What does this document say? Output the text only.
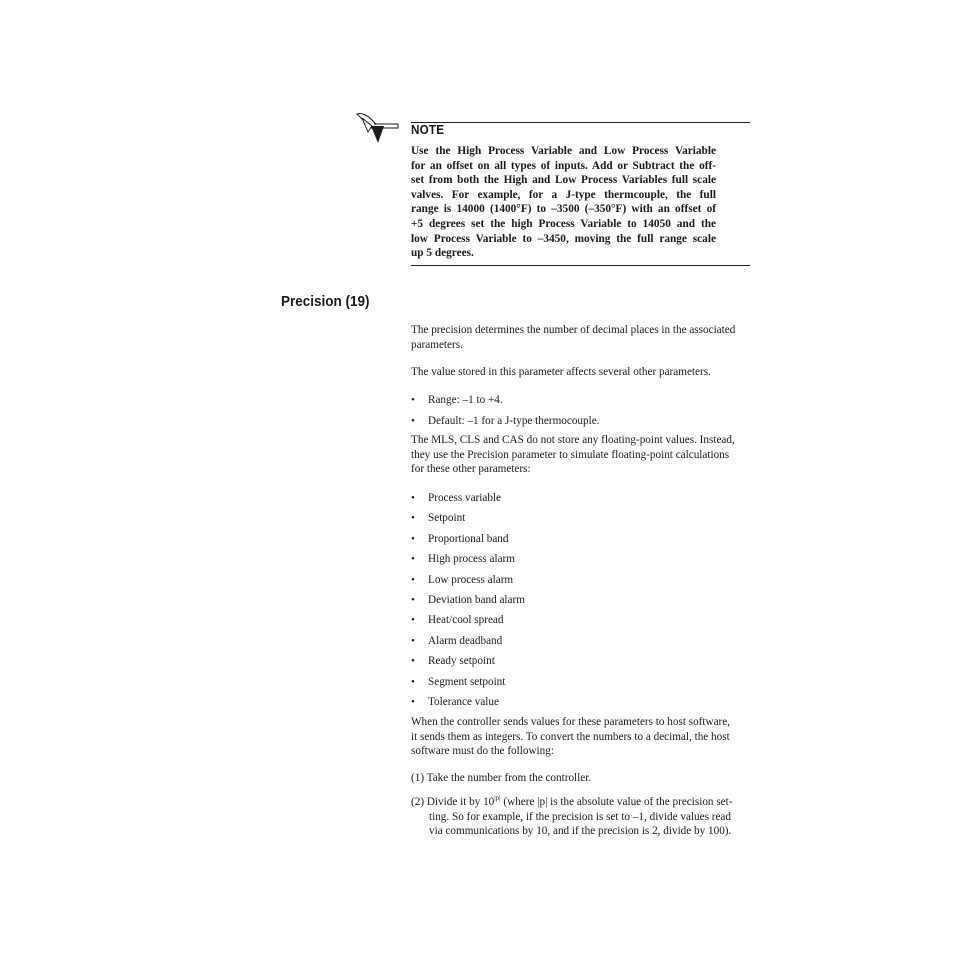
NOTE
Use the High Process Variable and Low Process Variable
for an offset on all types of inputs. Add or Subtract the off-
set from both the High and Low Process Variables full scale
valves. For example, for a J-type thermcouple, the full
range is 14000 (1400°F) to –3500 (–350°F) with an offset of
+5 degrees set the high Process Variable to 14050 and the
low Process Variable to –3450, moving the full range scale
up 5 degrees.
Precision (19)
The precision determines the number of decimal places in the associated
parameters.
The value stored in this parameter affects several other parameters.
• Range: –1 to +4.
• Default: –1 for a J-type thermocouple.
The MLS, CLS and CAS do not store any floating-point values. Instead,
they use the Precision parameter to simulate floating-point calculations
for these other parameters:
• Process variable
• Setpoint
• Proportional band
• High process alarm
• Low process alarm
• Deviation band alarm
• Heat/cool spread
• Alarm deadband
• Ready setpoint
• Segment setpoint
• Tolerance value
When the controller sends values for these parameters to host software,
it sends them as integers. To convert the numbers to a decimal, the host
software must do the following:
(1) Take the number from the controller.
(2) Divide it by $10^{|p|}$ (where |p| is the absolute value of the precision set-
ting. So for example, if the precision is set to –1, divide values read
via communications by 10, and if the precision is 2, divide by 100).
